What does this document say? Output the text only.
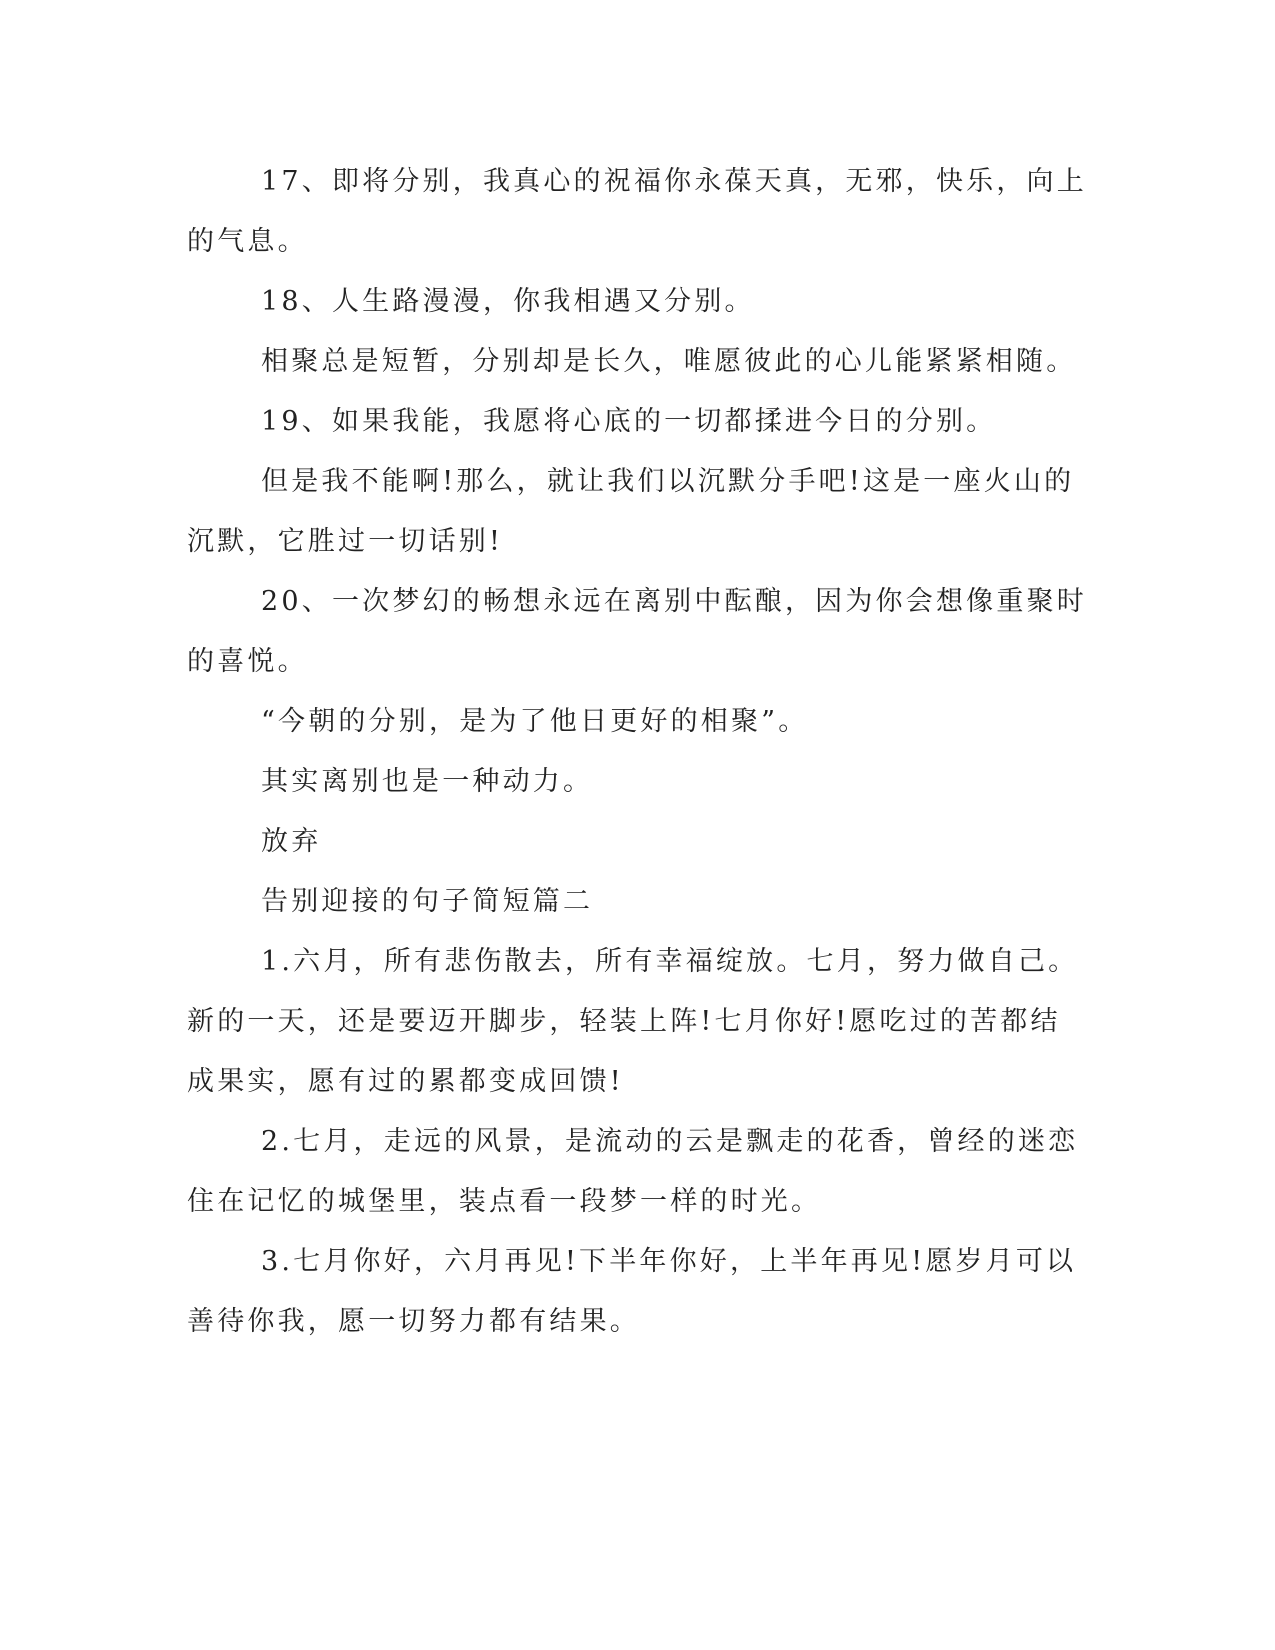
17、即将分别，我真心的祝福你永葆天真，无邪，快乐，向上的气息。

18、人生路漫漫，你我相遇又分别。

相聚总是短暂，分别却是长久，唯愿彼此的心儿能紧紧相随。

19、如果我能，我愿将心底的一切都揉进今日的分别。

但是我不能啊!那么，就让我们以沉默分手吧!这是一座火山的沉默，它胜过一切话别!

20、一次梦幻的畅想永远在离别中酝酿，因为你会想像重聚时的喜悦。

“今朝的分别，是为了他日更好的相聚”。

其实离别也是一种动力。

放弃

告别迎接的句子简短篇二

1.六月，所有悲伤散去，所有幸福绽放。七月，努力做自己。新的一天，还是要迈开脚步，轻装上阵!七月你好!愿吃过的苦都结成果实，愿有过的累都变成回馈!

2.七月，走远的风景，是流动的云是飘走的花香，曾经的迷恋住在记忆的城堡里，装点看一段梦一样的时光。

3.七月你好，六月再见!下半年你好，上半年再见!愿岁月可以善待你我，愿一切努力都有结果。
